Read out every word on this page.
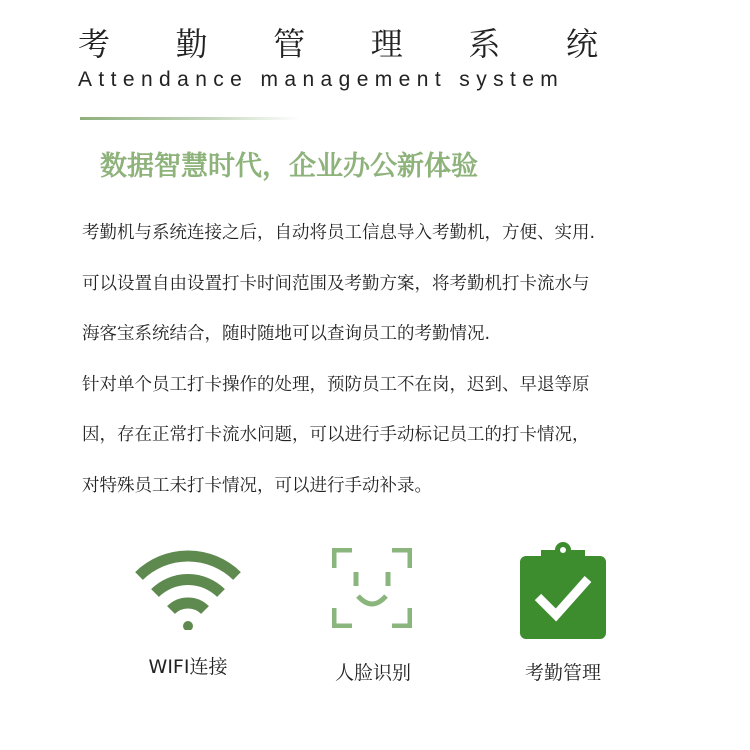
考 勤 管 理 系 统
Attendance management system
数据智慧时代，企业办公新体验
考勤机与系统连接之后，自动将员工信息导入考勤机，方便、实用.
可以设置自由设置打卡时间范围及考勤方案，将考勤机打卡流水与
海客宝系统结合，随时随地可以查询员工的考勤情况.
针对单个员工打卡操作的处理，预防员工不在岗，迟到、早退等原
因，存在正常打卡流水问题，可以进行手动标记员工的打卡情况，
对特殊员工未打卡情况，可以进行手动补录。
WIFI连接	人脸识别	考勤管理
